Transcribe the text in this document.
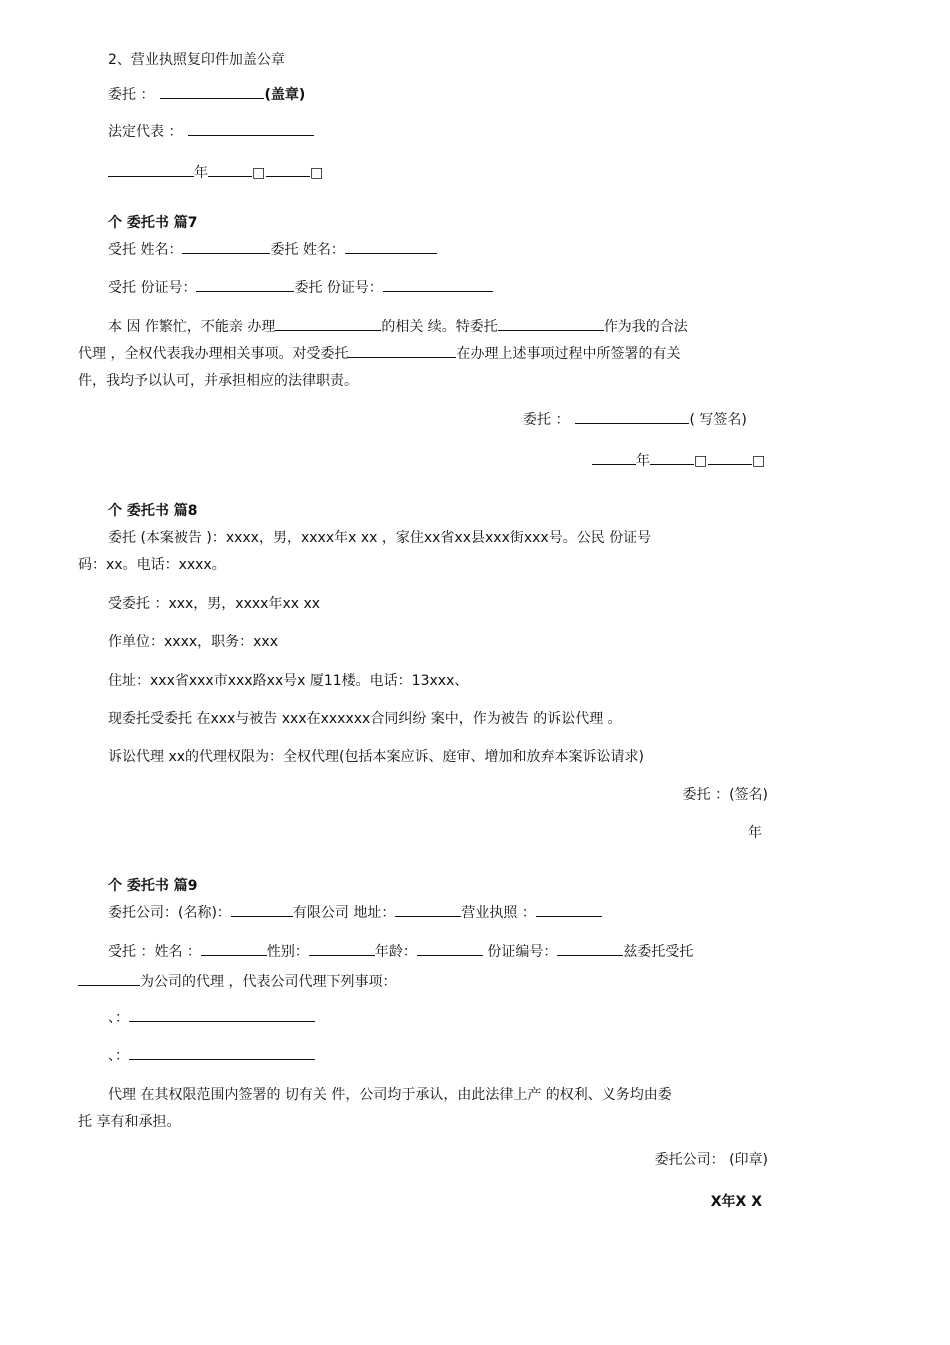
2、营业执照复印件加盖公章
委托 ：	(盖章)
法定代表 ：
年	□	□
个 委托书 篇7
受托 姓名：	委托 姓名：
受托 份证号：	委托 份证号：
本 因 作繁忙，不能亲 办理	的相关 续。特委托	作为我的合法
代理 ，全权代表我办理相关事项。对受委托	在办理上述事项过程中所签署的有关
件，我均予以认可，并承担相应的法律职责。
委托 ：	( 写签名)
年	□	□
个 委托书 篇8
委托 (本案被告 )：xxxx，男，xxxx年x xx ，家住xx省xx县xxx街xxx号。公民 份证号
码：xx。电话：xxxx。
受委托 ：xxx，男，xxxx年xx xx
作单位：xxxx，职务：xxx
住址：xxx省xxx市xxx路xx号x 厦11楼。电话：13xxx、
现委托受委托 在xxx与被告 xxx在xxxxxx合同纠纷 案中，作为被告 的诉讼代理 。
诉讼代理 xx的代理权限为：全权代理(包括本案应诉、庭审、增加和放弃本案诉讼请求)
委托 ：(签名)
年
个 委托书 篇9
委托公司：(名称)：	有限公司 地址：	营业执照 ：
受托 ：姓名 ：	性别：	年龄：	份证编号：	兹委托受托
为公司的代理 ，代表公司代理下列事项：
、：
、：
代理 在其权限范围内签署的 切有关 件，公司均于承认，由此法律上产 的权利、义务均由委
托 享有和承担。
委托公司： (印章)
X年X X
